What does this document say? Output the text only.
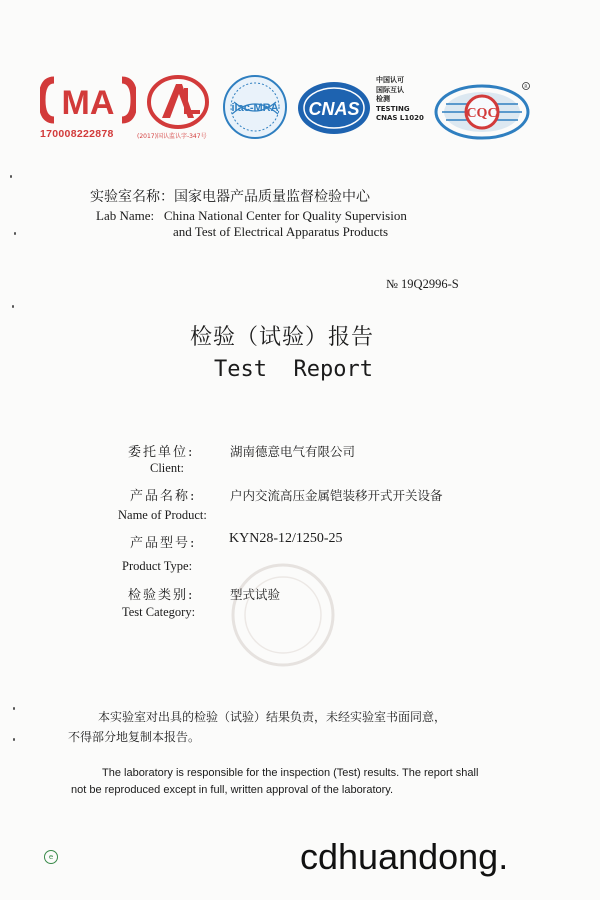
MA
170008222878	(2017)国认监认字-347号
ilac-MRA CNAS
中国认可
国际互认
检测
TESTING
CNAS L1020	CQC
R
实验室名称：国家电器产品质量监督检验中心
Lab Name:   China National Center for Quality Supervision
and Test of Electrical Apparatus Products
№ 19Q2996-S
检验（试验）报告
Test  Report
委托单位:	湖南德意电气有限公司
Client:
产品名称:	户内交流高压金属铠装移开式开关设备
Name of Product:
产品型号: KYN28-12/1250-25
Product Type:
检验类别:	型式试验
Test Category:
本实验室对出具的检验（试验）结果负责，未经实验室书面同意，
不得部分地复制本报告。
The laboratory is responsible for the inspection (Test) results. The report shall
not be reproduced except in full, written approval of the laboratory.
e	cdhuandong.
